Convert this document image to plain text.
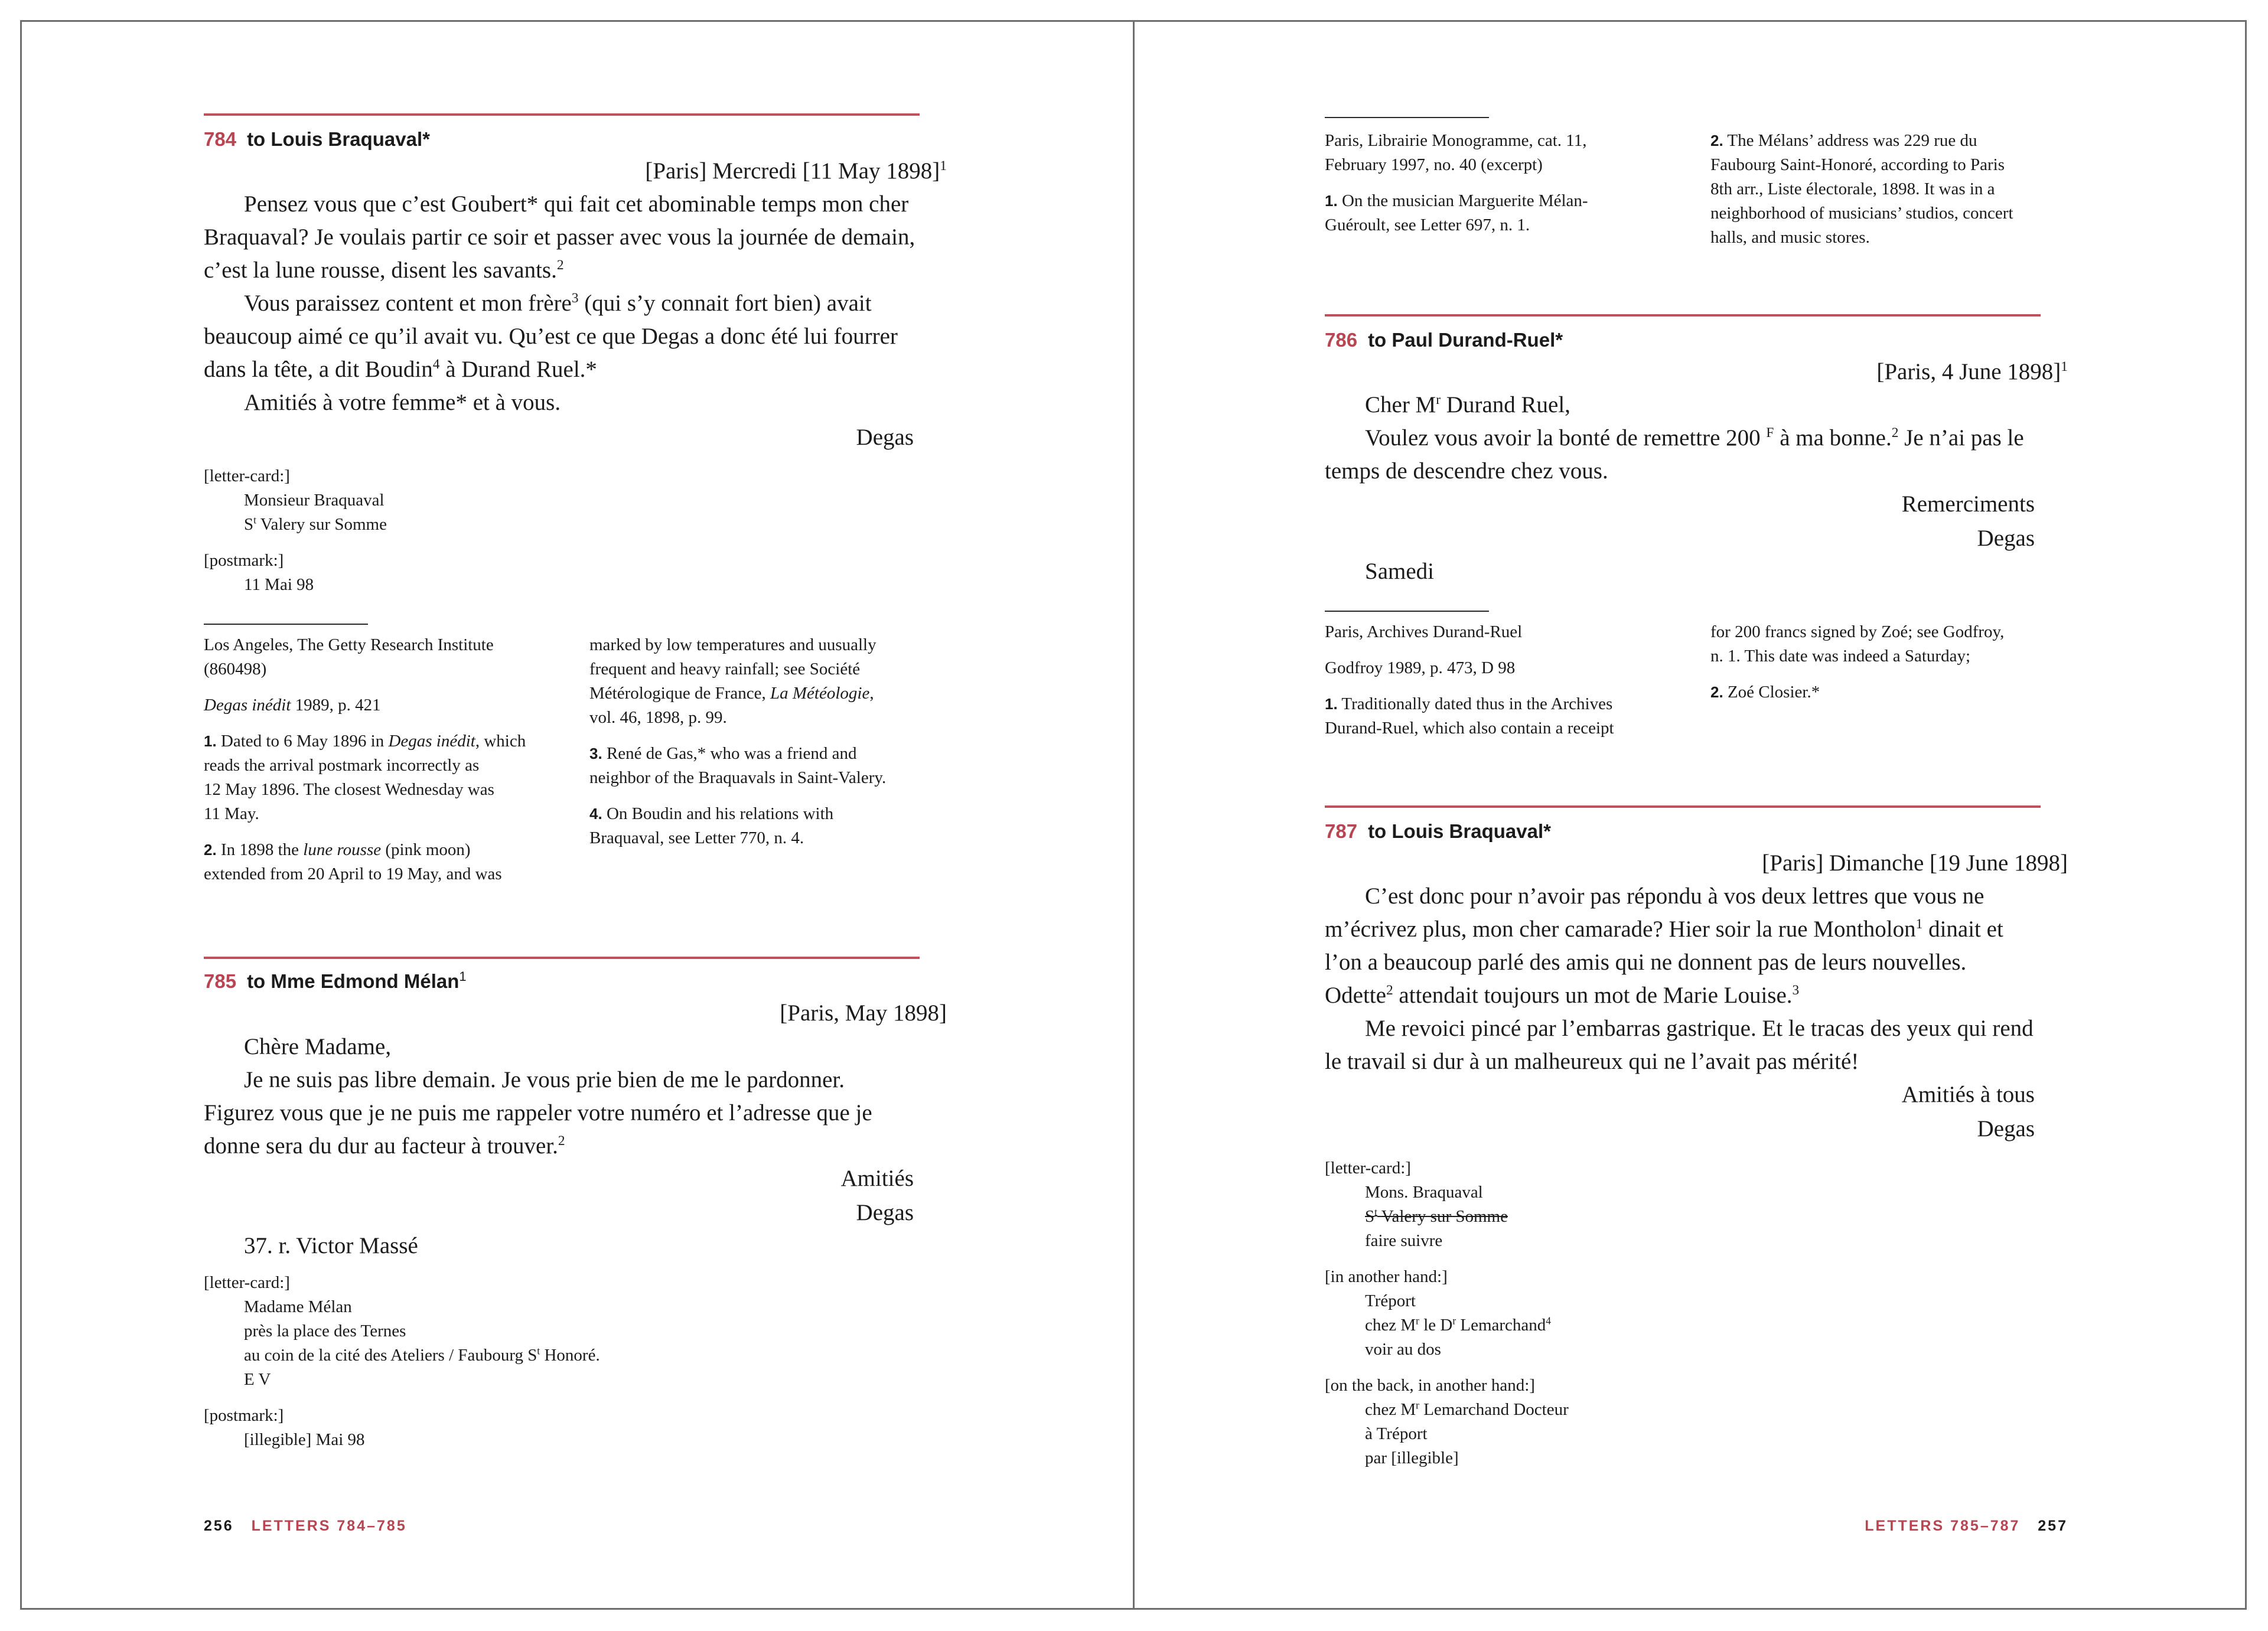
784 to Louis Braquaval*
[Paris] Mercredi [11 May 1898]$^1$
Pensez vous que c’est Goubert* qui fait cet abominable temps mon cher
Braquaval? Je voulais partir ce soir et passer avec vous la journée de demain,
c’est la lune rousse, disent les savants.$^2$
Vous paraissez content et mon frère$^3$ (qui s’y connait fort bien) avait
beaucoup aimé ce qu’il avait vu. Qu’est ce que Degas a donc été lui fourrer
dans la tête, a dit Boudin$^4$ à Durand Ruel.*
Amitiés à votre femme* et à vous.
Degas
[letter-card:]
Monsieur Braquaval
$S^t$ Valery sur Somme
[postmark:]
11 Mai 98
Los Angeles, The Getty Research Institute
(860498)
Degas inédit 1989, p. 421
1. Dated to 6 May 1896 in Degas inédit, which
reads the arrival postmark incorrectly as
12 May 1896. The closest Wednesday was
11 May.
2. In 1898 the lune rousse (pink moon)
extended from 20 April to 19 May, and was
marked by low temperatures and uusually
frequent and heavy rainfall; see Société
Métérologique de France, La Météologie,
vol. 46, 1898, p. 99.
3. René de Gas,* who was a friend and
neighbor of the Braquavals in Saint-Valery.
4. On Boudin and his relations with
Braquaval, see Letter 770, n. 4.
785 to Mme Edmond Mélan$^1$
[Paris, May 1898]
Chère Madame,
Je ne suis pas libre demain. Je vous prie bien de me le pardonner.
Figurez vous que je ne puis me rappeler votre numéro et l’adresse que je
donne sera du dur au facteur à trouver.$^2$
Amitiés
Degas
37. r. Victor Massé
[letter-card:]
Madame Mélan
près la place des Ternes
au coin de la cité des Ateliers / Faubourg $S^t$ Honoré.
E V
[postmark:]
[illegible] Mai 98
256 LETTERS 784–785
Paris, Librairie Monogramme, cat. 11,
February 1997, no. 40 (excerpt)
1. On the musician Marguerite Mélan-
Guéroult, see Letter 697, n. 1.
2. The Mélans’ address was 229 rue du
Faubourg Saint-Honoré, according to Paris
8th arr., Liste électorale, 1898. It was in a
neighborhood of musicians’ studios, concert
halls, and music stores.
786 to Paul Durand-Ruel*
[Paris, 4 June 1898]$^1$
Cher $M^r$ Durand Ruel,
Voulez vous avoir la bonté de remettre 200 $^F$ à ma bonne.$^2$ Je n’ai pas le
temps de descendre chez vous.
Remerciments
Degas
Samedi
Paris, Archives Durand-Ruel
Godfroy 1989, p. 473, D 98
1. Traditionally dated thus in the Archives
Durand-Ruel, which also contain a receipt
for 200 francs signed by Zoé; see Godfroy,
n. 1. This date was indeed a Saturday;
2. Zoé Closier.*
787 to Louis Braquaval*
[Paris] Dimanche [19 June 1898]
C’est donc pour n’avoir pas répondu à vos deux lettres que vous ne
m’écrivez plus, mon cher camarade? Hier soir la rue Montholon$^1$ dinait et
l’on a beaucoup parlé des amis qui ne donnent pas de leurs nouvelles.
Odette$^2$ attendait toujours un mot de Marie Louise.$^3$
Me revoici pincé par l’embarras gastrique. Et le tracas des yeux qui rend
le travail si dur à un malheureux qui ne l’avait pas mérité!
Amitiés à tous
Degas
[letter-card:]
Mons. Braquaval
$S^t$ Valery sur Somme
faire suivre
[in another hand:]
Tréport
chez $M^r$ le $D^r$ Lemarchand$^4$
voir au dos
[on the back, in another hand:]
chez $M^r$ Lemarchand Docteur
à Tréport
par [illegible]
LETTERS 785–787 257
